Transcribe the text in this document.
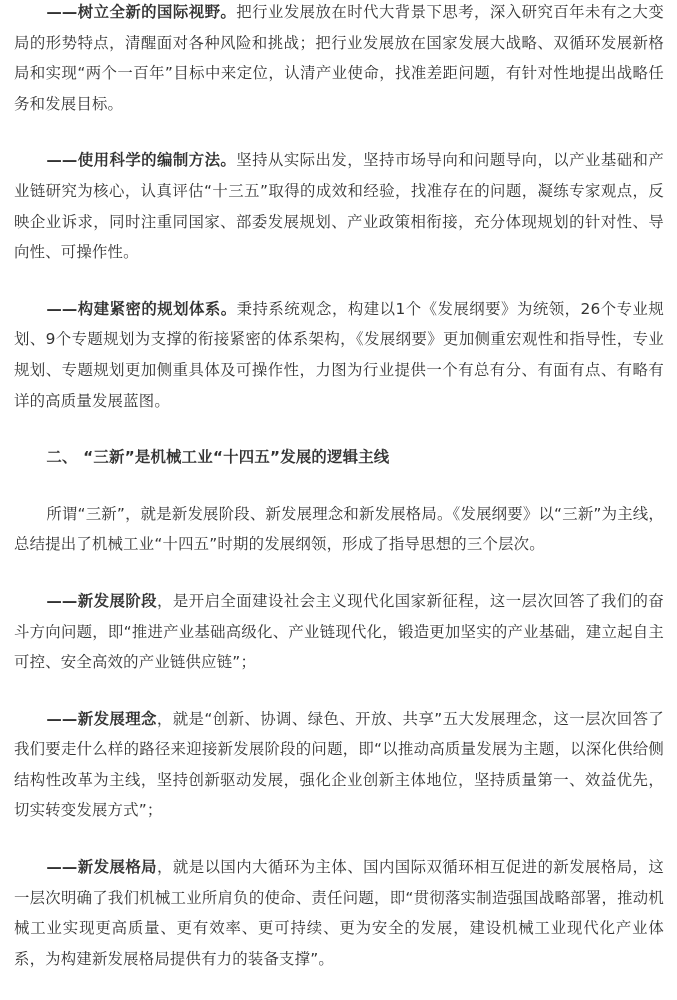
——树立全新的国际视野。把行业发展放在时代大背景下思考，深入研究百年未有之大变局的形势特点，清醒面对各种风险和挑战；把行业发展放在国家发展大战略、双循环发展新格局和实现“两个一百年”目标中来定位，认清产业使命，找准差距问题，有针对性地提出战略任务和发展目标。

——使用科学的编制方法。坚持从实际出发，坚持市场导向和问题导向，以产业基础和产业链研究为核心，认真评估“十三五”取得的成效和经验，找准存在的问题，凝练专家观点，反映企业诉求，同时注重同国家、部委发展规划、产业政策相衔接，充分体现规划的针对性、导向性、可操作性。

——构建紧密的规划体系。秉持系统观念，构建以1个《发展纲要》为统领，26个专业规划、9个专题规划为支撑的衔接紧密的体系架构，《发展纲要》更加侧重宏观性和指导性，专业规划、专题规划更加侧重具体及可操作性，力图为行业提供一个有总有分、有面有点、有略有详的高质量发展蓝图。

二、 “三新”是机械工业“十四五”发展的逻辑主线

所谓“三新”，就是新发展阶段、新发展理念和新发展格局。《发展纲要》以“三新”为主线，总结提出了机械工业“十四五”时期的发展纲领，形成了指导思想的三个层次。

——新发展阶段，是开启全面建设社会主义现代化国家新征程，这一层次回答了我们的奋斗方向问题，即“推进产业基础高级化、产业链现代化，锻造更加坚实的产业基础，建立起自主可控、安全高效的产业链供应链”；

——新发展理念，就是“创新、协调、绿色、开放、共享”五大发展理念，这一层次回答了我们要走什么样的路径来迎接新发展阶段的问题，即“以推动高质量发展为主题，以深化供给侧结构性改革为主线，坚持创新驱动发展，强化企业创新主体地位，坚持质量第一、效益优先，切实转变发展方式”；

——新发展格局，就是以国内大循环为主体、国内国际双循环相互促进的新发展格局，这一层次明确了我们机械工业所肩负的使命、责任问题，即“贯彻落实制造强国战略部署，推动机械工业实现更高质量、更有效率、更可持续、更为安全的发展，建设机械工业现代化产业体系，为构建新发展格局提供有力的装备支撑”。
